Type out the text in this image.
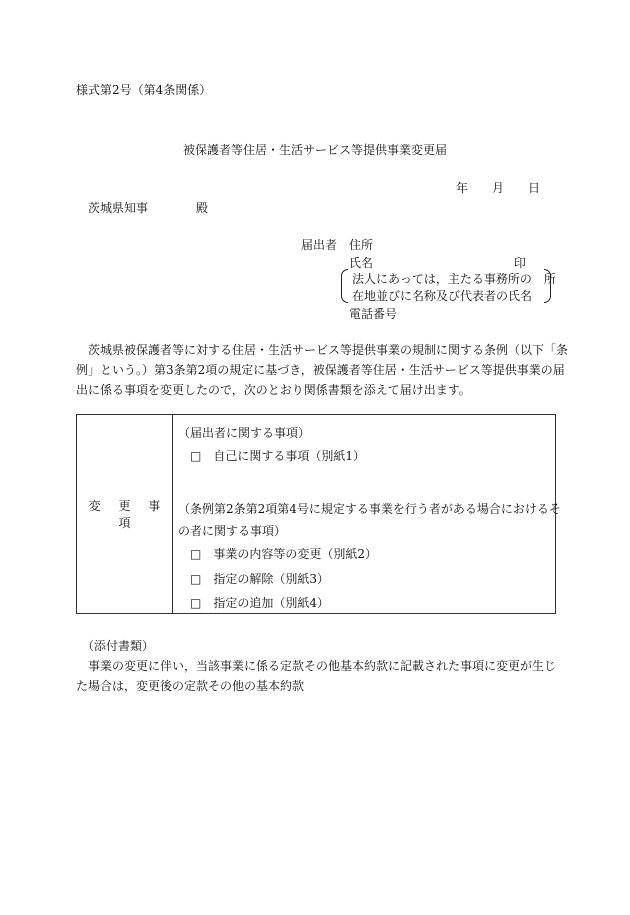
様式第2号（第4条関係）
被保護者等住居・生活サービス等提供事業変更届
年　　月　　日
茨城県知事	殿
届出者 住所
氏名	印
法人にあっては，主たる事務所の　所
在地並びに名称及び代表者の氏名
電話番号
茨城県被保護者等に対する住居・生活サービス等提供事業の規制に関する条例（以下「条
例」という。）第3条第2項の規定に基づき，被保護者等住居・生活サービス等提供事業の届
出に係る事項を変更したので，次のとおり関係書類を添えて届け出ます。
変 更 事 項	
（届出者に関する事項）
□　自己に関する事項（別紙1）
（条例第2条第2項第4号に規定する事業を行う者がある場合におけるそ
の者に関する事項）
□　事業の内容等の変更（別紙2）
□　指定の解除（別紙3）
□　指定の追加（別紙4）
（添付書類）
事業の変更に伴い，当該事業に係る定款その他基本約款に記載された事項に変更が生じ
た場合は，変更後の定款その他の基本約款
